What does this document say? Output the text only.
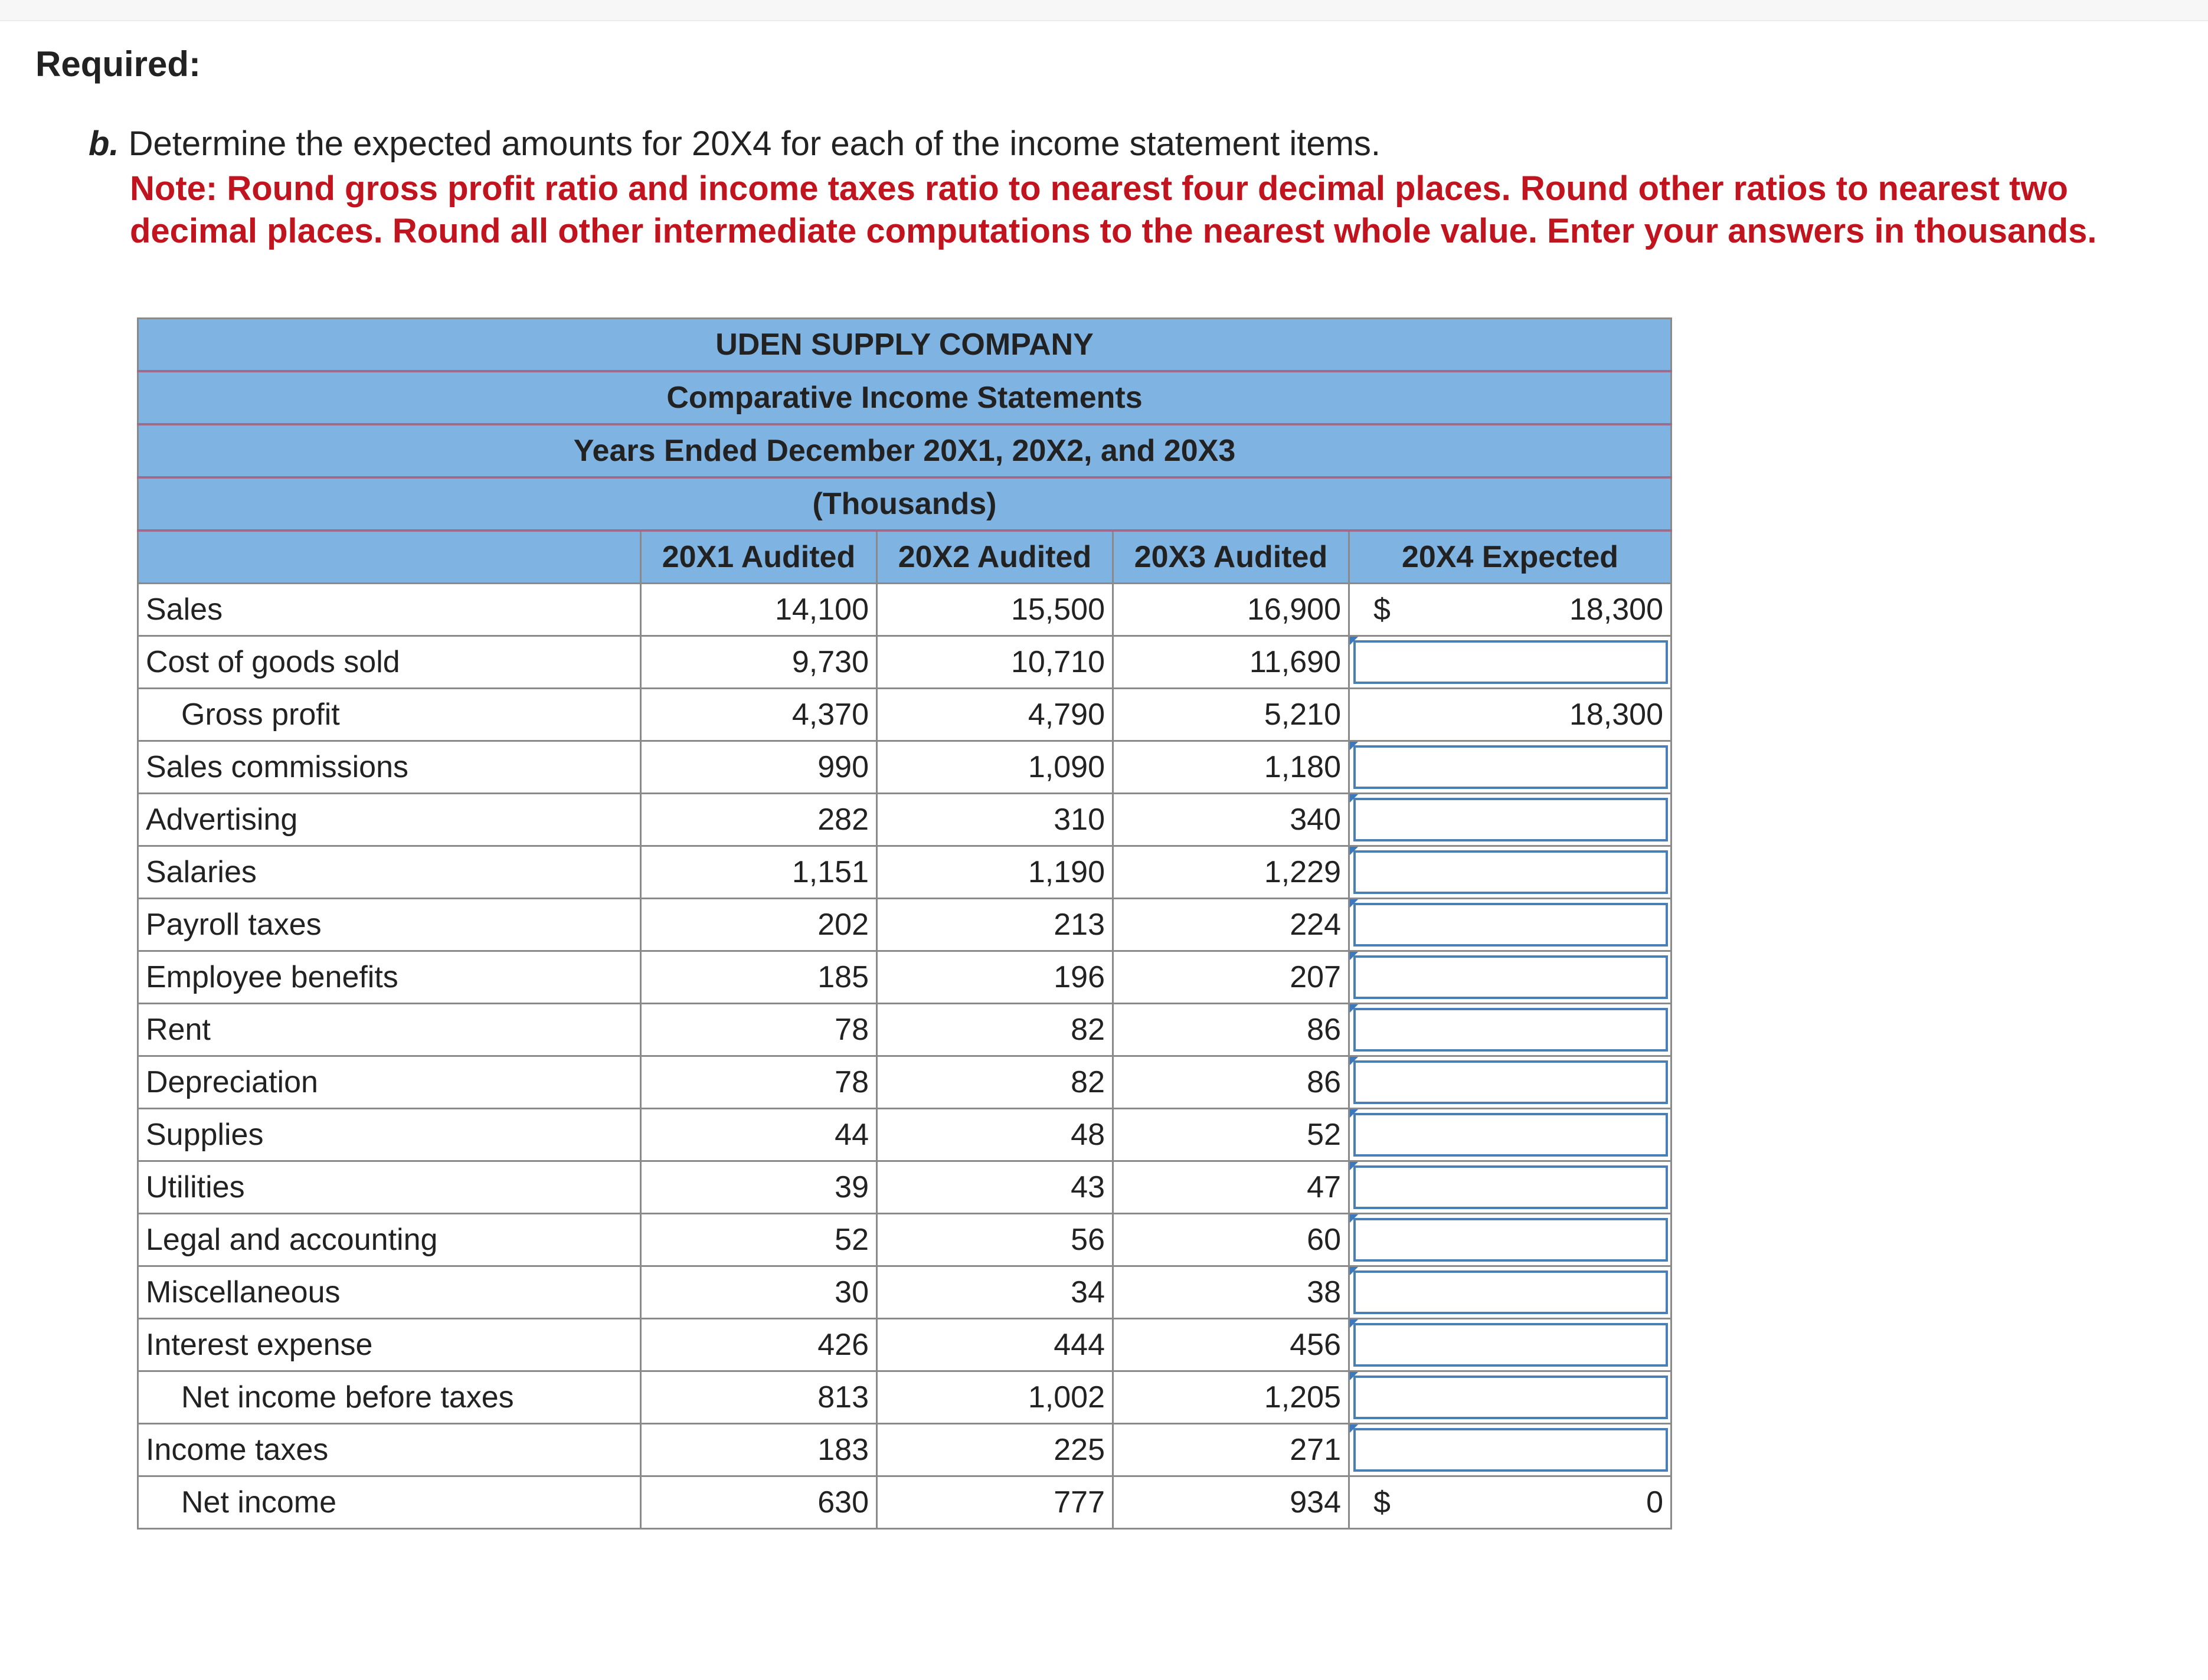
Required:
b. Determine the expected amounts for 20X4 for each of the income statement items.
Note: Round gross profit ratio and income taxes ratio to nearest four decimal places. Round other ratios to nearest two
decimal places. Round all other intermediate computations to the nearest whole value. Enter your answers in thousands.
UDEN SUPPLY COMPANY				
Comparative Income Statements				
Years Ended December 20X1, 20X2, and 20X3				
(Thousands)				
	20X1 Audited	20X2 Audited	20X3 Audited	20X4 Expected
Sales	14,100	15,500	16,900	$ 18,300

Cost of goods sold	9,730	10,710	11,690	

Gross profit	4,370	4,790	5,210	18,300

Sales commissions	990	1,090	1,180	

Advertising	282	310	340	

Salaries	1,151	1,190	1,229	

Payroll taxes	202	213	224	

Employee benefits	185	196	207	

Rent	78	82	86	

Depreciation	78	82	86	

Supplies	44	48	52	

Utilities	39	43	47	

Legal and accounting	52	56	60	

Miscellaneous	30	34	38	

Interest expense	426	444	456	

Net income before taxes	813	1,002	1,205	

Income taxes	183	225	271	

Net income	630	777	934	$ 0
